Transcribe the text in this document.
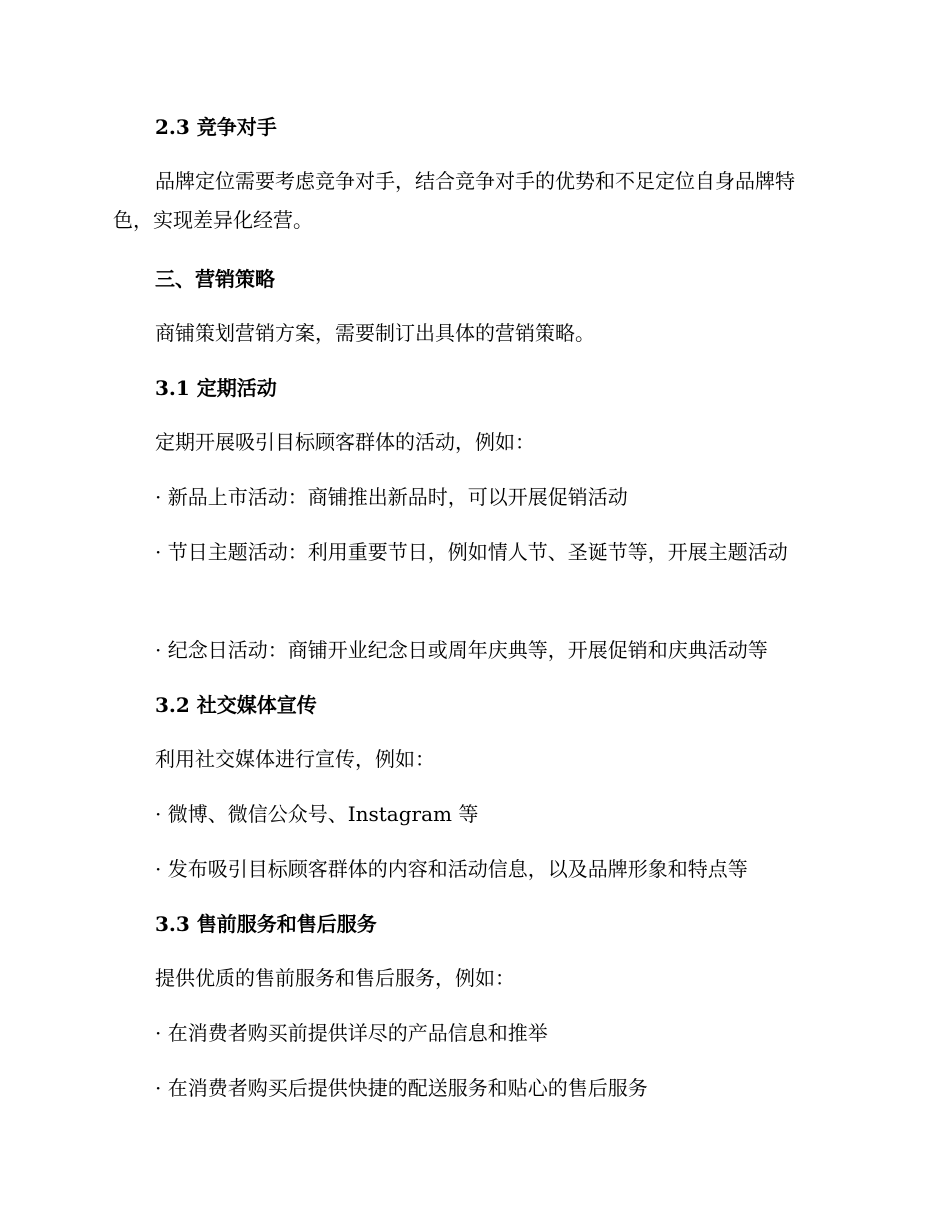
2.3 竞争对手

品牌定位需要考虑竞争对手，结合竞争对手的优势和不足定位自身品牌特色，实现差异化经营。

三、营销策略

商铺策划营销方案，需要制订出具体的营销策略。

3.1 定期活动

定期开展吸引目标顾客群体的活动，例如：

· 新品上市活动：商铺推出新品时，可以开展促销活动

· 节日主题活动：利用重要节日，例如情人节、圣诞节等，开展主题活动

· 纪念日活动：商铺开业纪念日或周年庆典等，开展促销和庆典活动等

3.2 社交媒体宣传

利用社交媒体进行宣传，例如：

· 微博、微信公众号、Instagram 等

· 发布吸引目标顾客群体的内容和活动信息，以及品牌形象和特点等

3.3 售前服务和售后服务

提供优质的售前服务和售后服务，例如：

· 在消费者购买前提供详尽的产品信息和推举

· 在消费者购买后提供快捷的配送服务和贴心的售后服务
